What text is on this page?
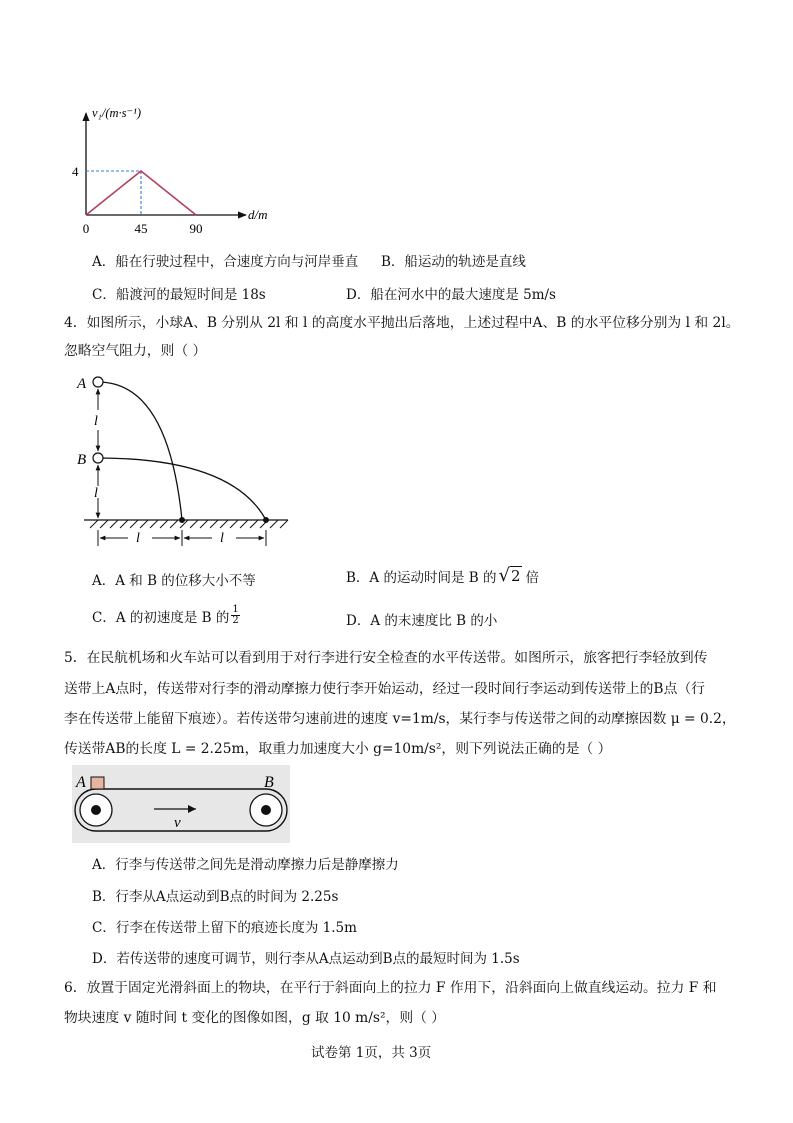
v₁/(m·s⁻¹)
d/m
4
0	45	90
A．船在行驶过程中，合速度方向与河岸垂直 B．船运动的轨迹是直线
C．船渡河的最短时间是 18s	D．船在河水中的最大速度是 5m/s
4．如图所示，小球A、B 分别从 2l 和 l 的高度水平抛出后落地，上述过程中A、B 的水平位移分别为 l 和 2l。
忽略空气阻力，则（ ）
A
B
l
l
l	l
A．A 和 B 的位移大小不等	B．A 的运动时间是 B 的 √ 2 倍
C．A 的初速度是 B 的 $\frac{1}{2}$	D．A 的末速度比 B 的小
5．在民航机场和火车站可以看到用于对行李进行安全检查的水平传送带。如图所示，旅客把行李轻放到传
送带上A点时，传送带对行李的滑动摩擦力使行李开始运动，经过一段时间行李运动到传送带上的B点（行
李在传送带上能留下痕迹）。若传送带匀速前进的速度 v=1m/s，某行李与传送带之间的动摩擦因数 μ = 0.2，
传送带AB的长度 L = 2.25m，取重力加速度大小 g=10m/s²，则下列说法正确的是（ ）
A	B
v
A．行李与传送带之间先是滑动摩擦力后是静摩擦力
B．行李从A点运动到B点的时间为 2.25s
C．行李在传送带上留下的痕迹长度为 1.5m
D．若传送带的速度可调节，则行李从A点运动到B点的最短时间为 1.5s
6．放置于固定光滑斜面上的物块，在平行于斜面向上的拉力 F 作用下，沿斜面向上做直线运动。拉力 F 和
物块速度 v 随时间 t 变化的图像如图，g 取 10 m/s²，则（ ）
试卷第 1页，共 3页
